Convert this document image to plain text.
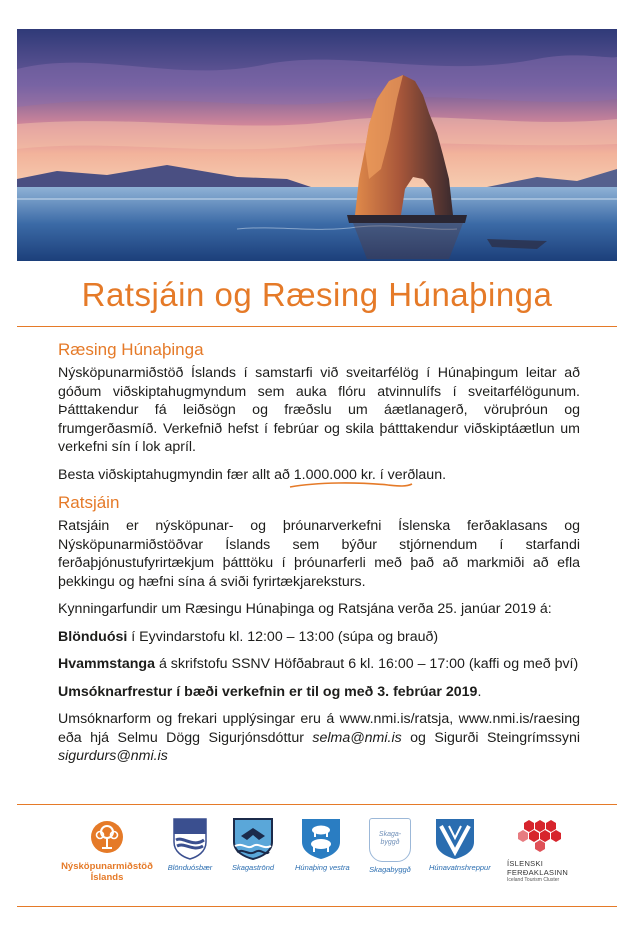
Ratsjáin og Ræsing Húnaþinga
Ræsing Húnaþinga

Nýsköpunarmiðstöð Íslands í samstarfi við sveitarfélög í Húnaþingum leitar að góðum viðskiptahugmyndum sem auka flóru atvinnulífs í sveitarfélögunum. Þátttakendur fá leiðsögn og fræðslu um áætlanagerð, vöruþróun og frumgerðasmíð. Verkefnið hefst í febrúar og skila þátttakendur viðskiptáætlun um verkefni sín í lok apríl.

Besta viðskiptahugmyndin fær allt að 1.000.000 kr.
í verðlaun.

Ratsjáin

Ratsjáin er nýsköpunar- og þróunarverkefni Íslenska ferðaklasans og Nýsköpunarmiðstöðvar Íslands sem býður stjórnendum í starfandi ferðaþjónustufyrirtækjum þátttöku í þróunarferli með það að markmiði að efla þekkingu og hæfni sína á sviði fyrirtækjareksturs.

Kynningarfundir um Ræsingu Húnaþinga og Ratsjána verða 25. janúar 2019 á:

Blönduósi í Eyvindarstofu kl. 12:00 – 13:00 (súpa og brauð)

Hvammstanga á skrifstofu SSNV Höfðabraut 6 kl. 16:00 – 17:00 (kaffi og með því)

Umsóknarfrestur í bæði verkefnin er til og með 3. febrúar 2019.

Umsóknarform og frekari upplýsingar eru á www.nmi.is/ratsja, www.nmi.is/raesing eða hjá Selmu Dögg Sigurjónsdóttur selma@nmi.is og Sigurði Steingrímssyni sigurdurs@nmi.is

Nýsköpunarmiðstöð Íslands
Blönduósbær	Skagaströnd	Húnaþing vestra
Skaga-byggð
Skagabyggð	Húnavatnshreppur ÍSLENSKI FERÐAKLASINN
Iceland Tourism Cluster
